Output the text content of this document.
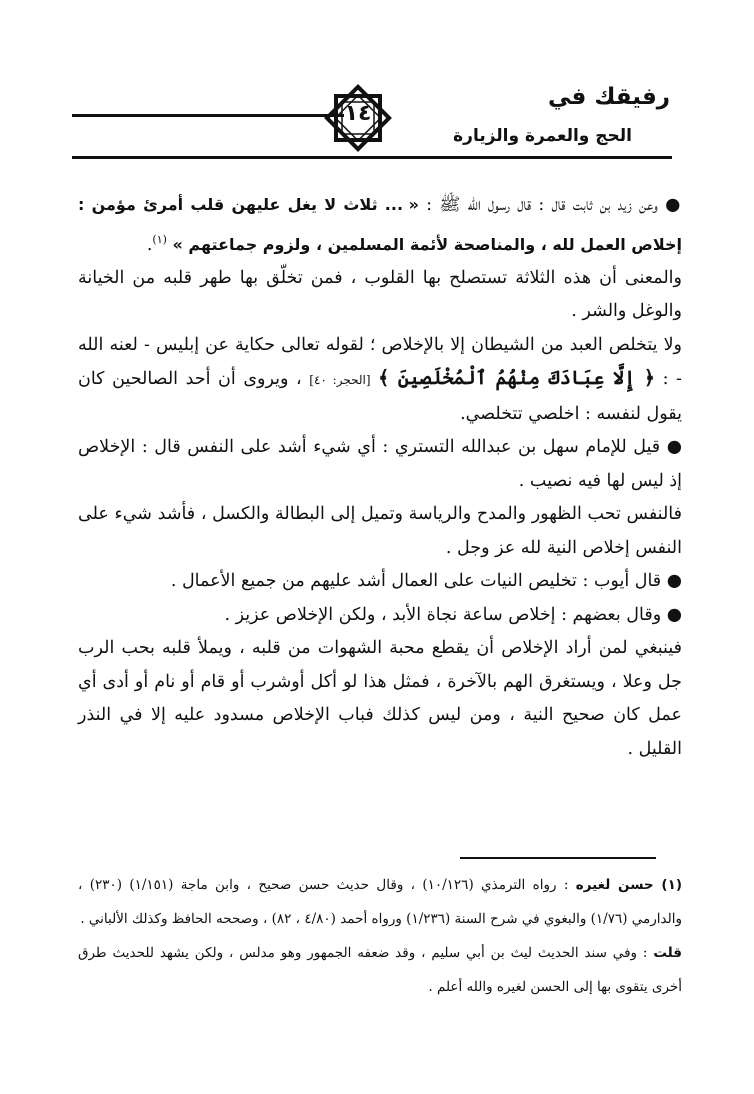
رفيقك في
الحج والعمرة والزيارة
١٤

● وعن زيد بن ثابت قال : قال رسول الله ﷺ : « ... ثلاث لا يغل عليهن قلب أمرئ مؤمن : إخلاص العمل لله ، والمناصحة لأئمة المسلمين ، ولزوم جماعتهم » $^{(١)}$.

والمعنى أن هذه الثلاثة تستصلح بها القلوب ، فمن تخلّق بها طهر قلبه من الخيانة والوغل والشر .

ولا يتخلص العبد من الشيطان إلا بالإخلاص ؛ لقوله تعالى حكاية عن إبليس - لعنه الله - : ﴿ إِلَّا عِبَادَكَ مِنْهُمُ ٱلْمُخْلَصِينَ ﴾ [الحجر: ٤٠] ، ويروى أن أحد الصالحين كان يقول لنفسه : اخلصي تتخلصي.

● قيل للإمام سهل بن عبدالله التستري : أي شيء أشد على النفس قال : الإخلاص إذ ليس لها فيه نصيب .

فالنفس تحب الظهور والمدح والرياسة وتميل إلى البطالة والكسل ، فأشد شيء على النفس إخلاص النية لله عز وجل .

● قال أيوب : تخليص النيات على العمال أشد عليهم من جميع الأعمال .

● وقال بعضهم : إخلاص ساعة نجاة الأبد ، ولكن الإخلاص عزيز .

فينبغي لمن أراد الإخلاص أن يقطع محبة الشهوات من قلبه ، ويملأ قلبه بحب الرب جل وعلا ، ويستغرق الهم بالآخرة ، فمثل هذا لو أكل أوشرب أو قام أو نام أو أدى أي عمل كان صحيح النية ، ومن ليس كذلك فباب الإخلاص مسدود عليه إلا في النذر القليل .

(١) حسن لغيره : رواه الترمذي (١٠/١٢٦) ، وقال حديث حسن صحيح ، وابن ماجة (١/١٥١) (٢٣٠) ، والدارمي (١/٧٦) والبغوي في شرح السنة (١/٢٣٦) ورواه أحمد (٤/٨٠ ، ٨٢) ، وصححه الحافظ وكذلك الألباني .

قلت : وفي سند الحديث ليث بن أبي سليم ، وقد ضعفه الجمهور وهو مدلس ، ولكن يشهد للحديث طرق أخرى يتقوى بها إلى الحسن لغيره والله أعلم .
